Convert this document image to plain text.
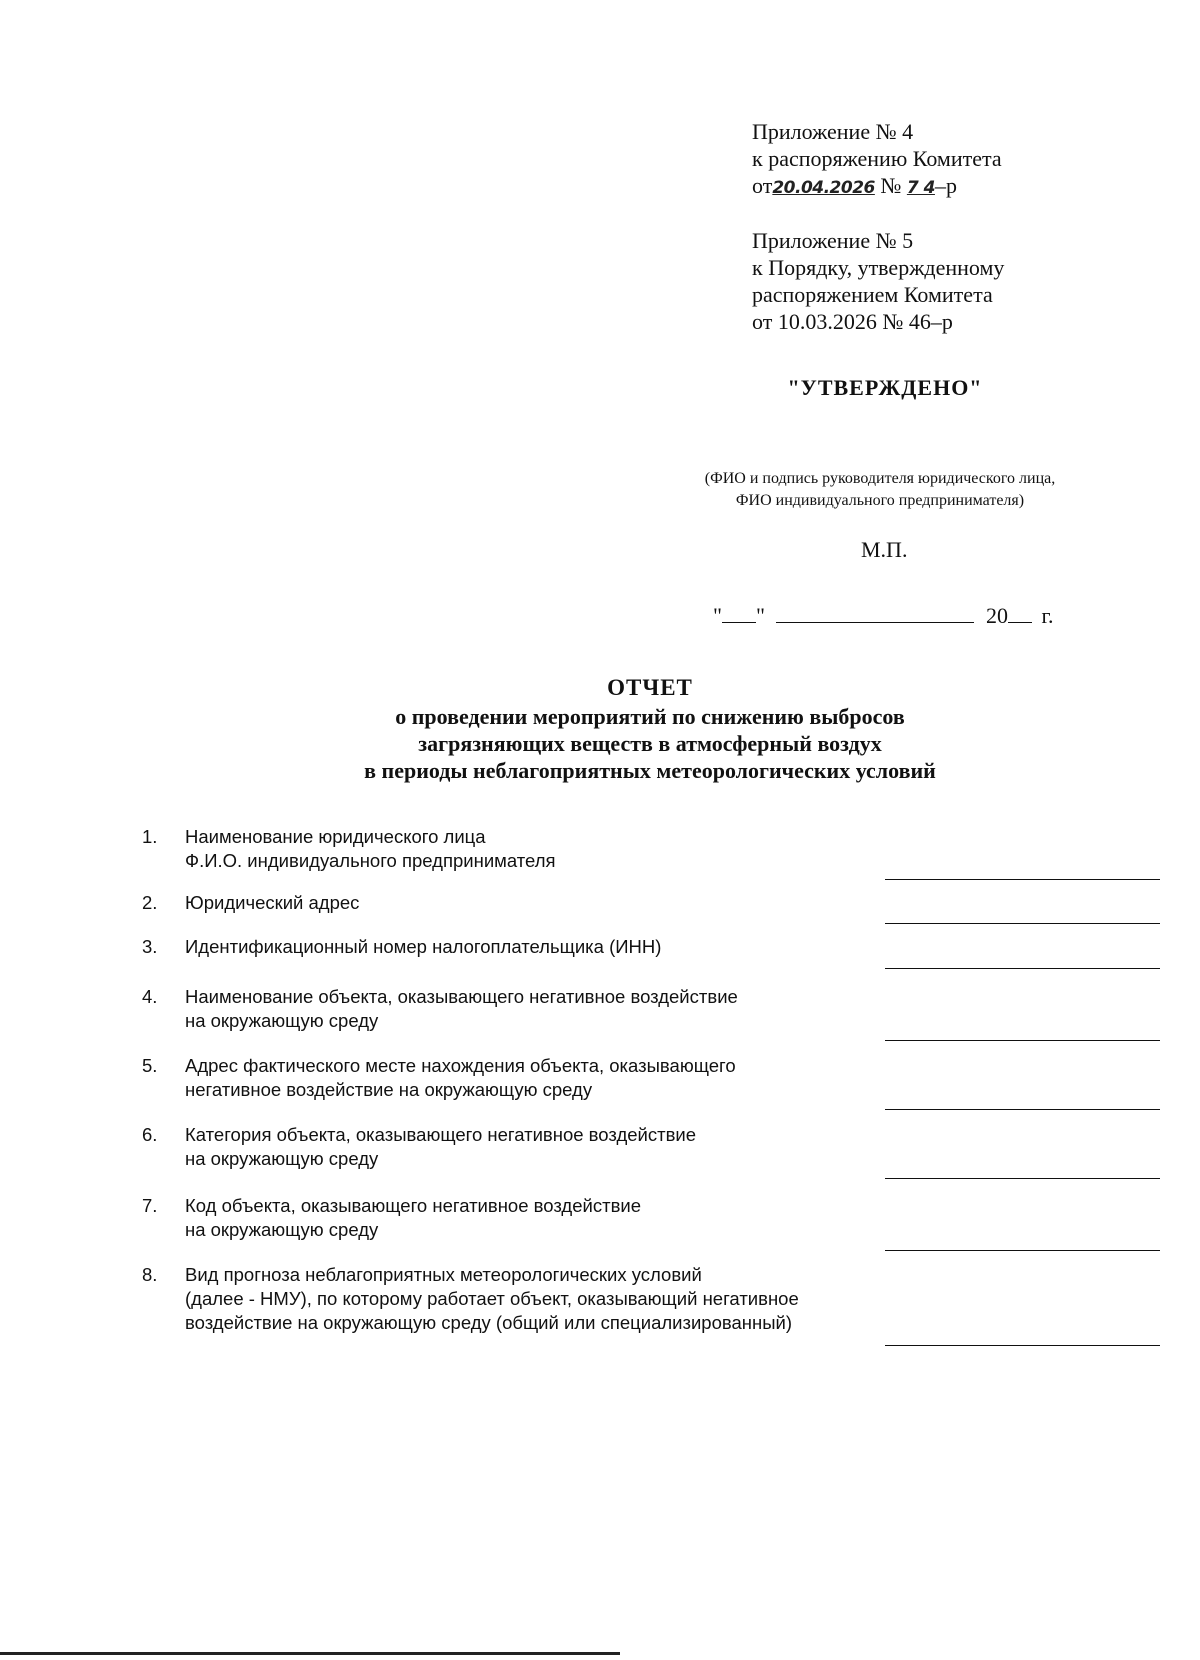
Приложение № 4
к распоряжению Комитета
от20.04.2026 № 7 4–р
Приложение № 5
к Порядку, утвержденному
распоряжением Комитета
от 10.03.2026 № 46–р
"УТВЕРЖДЕНО"
(ФИО и подпись руководителя юридического лица,
ФИО индивидуального предпринимателя)
М.П.
" "	20 г.
ОТЧЕТ
о проведении мероприятий по снижению выбросов
загрязняющих веществ в атмосферный воздух
в периоды неблагоприятных метеорологических условий
1. Наименование юридического лица
Ф.И.О. индивидуального предпринимателя
2. Юридический адрес
3. Идентификационный номер налогоплательщика (ИНН)
4. Наименование объекта, оказывающего негативное воздействие
на окружающую среду
5. Адрес фактического месте нахождения объекта, оказывающего
негативное воздействие на окружающую среду
6. Категория объекта, оказывающего негативное воздействие
на окружающую среду
7. Код объекта, оказывающего негативное воздействие
на окружающую среду
8. Вид прогноза неблагоприятных метеорологических условий
(далее - НМУ), по которому работает объект, оказывающий негативное
воздействие на окружающую среду (общий или специализированный)
